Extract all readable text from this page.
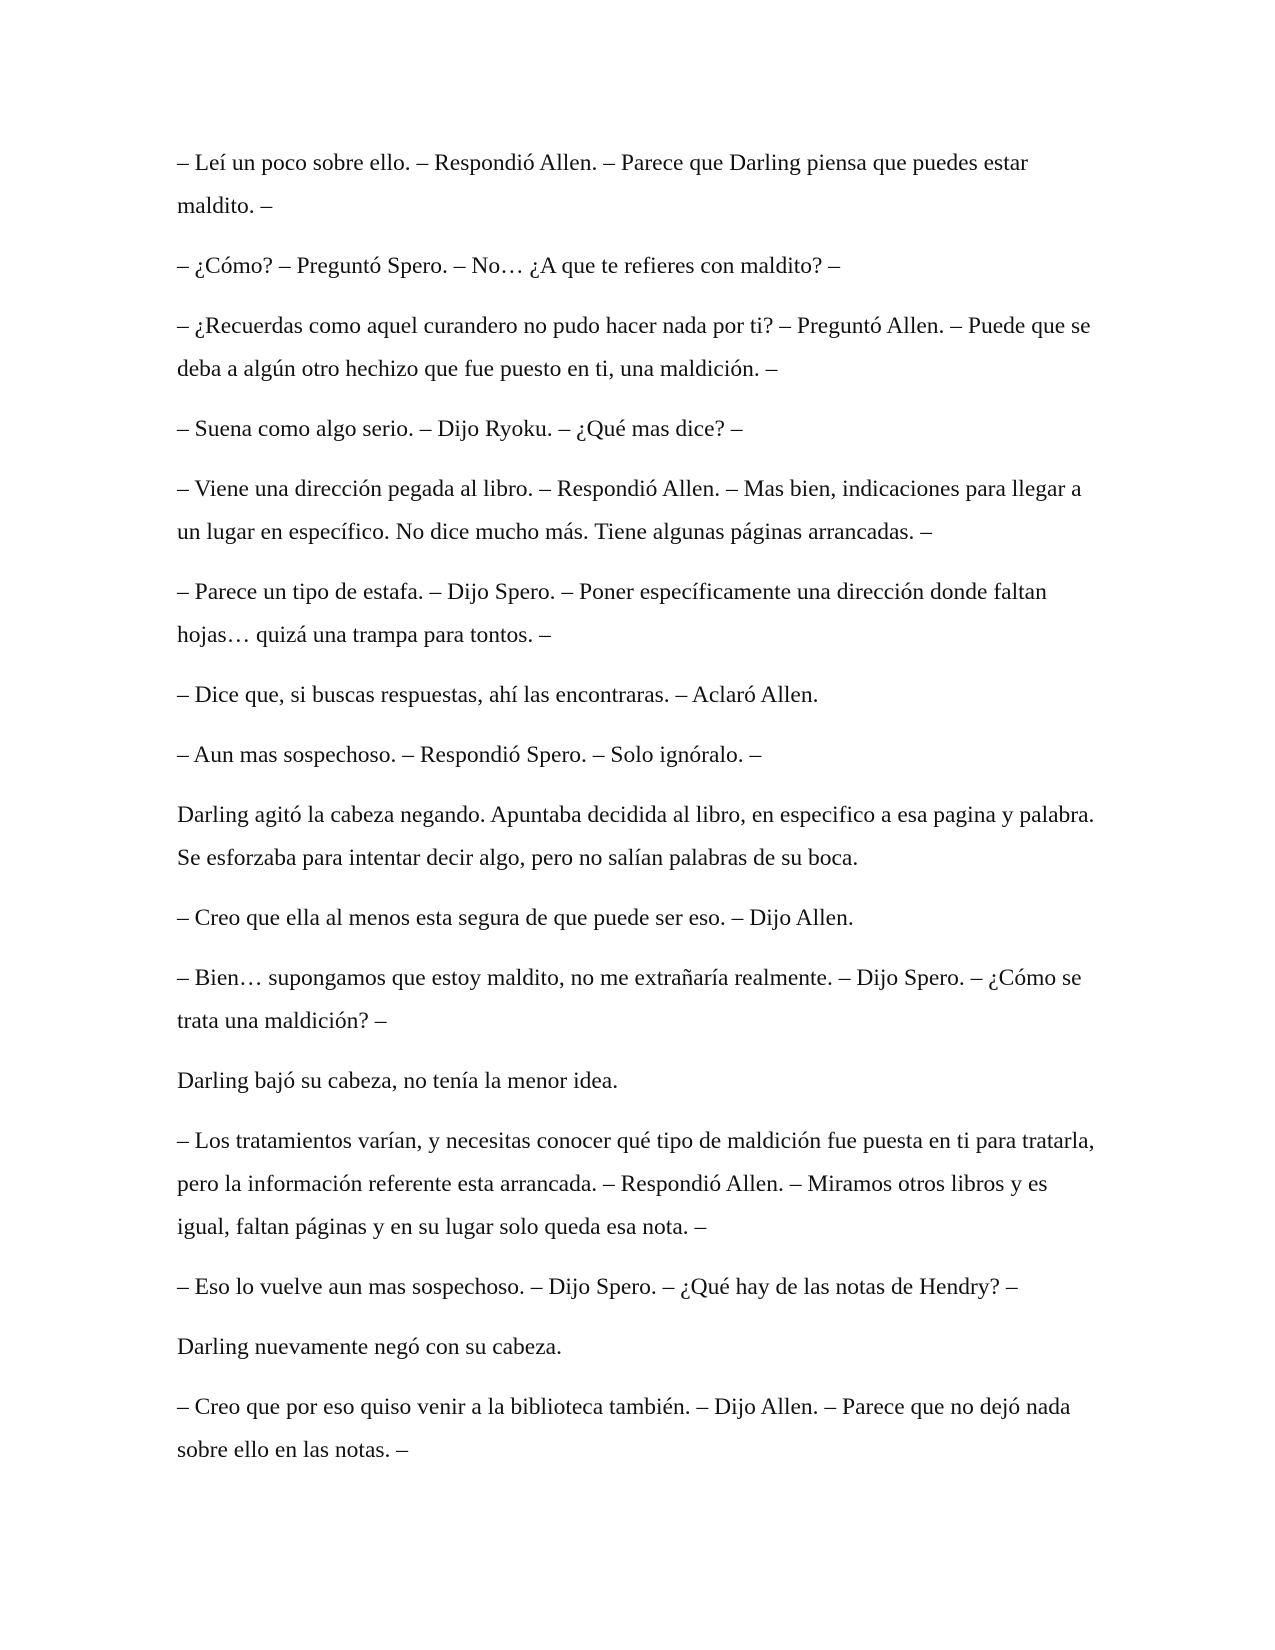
– Leí un poco sobre ello. – Respondió Allen. – Parece que Darling piensa que puedes estar maldito. –

– ¿Cómo? – Preguntó Spero. – No… ¿A que te refieres con maldito? –

– ¿Recuerdas como aquel curandero no pudo hacer nada por ti? – Preguntó Allen. – Puede que se deba a algún otro hechizo que fue puesto en ti, una maldición. –

– Suena como algo serio. – Dijo Ryoku. – ¿Qué mas dice? –

– Viene una dirección pegada al libro. – Respondió Allen. – Mas bien, indicaciones para llegar a un lugar en específico. No dice mucho más. Tiene algunas páginas arrancadas. –

– Parece un tipo de estafa. – Dijo Spero. – Poner específicamente una dirección donde faltan hojas… quizá una trampa para tontos. –

– Dice que, si buscas respuestas, ahí las encontraras. – Aclaró Allen.

– Aun mas sospechoso. – Respondió Spero. – Solo ignóralo. –

Darling agitó la cabeza negando. Apuntaba decidida al libro, en especifico a esa pagina y palabra. Se esforzaba para intentar decir algo, pero no salían palabras de su boca.

– Creo que ella al menos esta segura de que puede ser eso. – Dijo Allen.

– Bien… supongamos que estoy maldito, no me extrañaría realmente. – Dijo Spero. – ¿Cómo se trata una maldición? –

Darling bajó su cabeza, no tenía la menor idea.

– Los tratamientos varían, y necesitas conocer qué tipo de maldición fue puesta en ti para tratarla, pero la información referente esta arrancada. – Respondió Allen. – Miramos otros libros y es igual, faltan páginas y en su lugar solo queda esa nota. –

– Eso lo vuelve aun mas sospechoso. – Dijo Spero. – ¿Qué hay de las notas de Hendry? –

Darling nuevamente negó con su cabeza.

– Creo que por eso quiso venir a la biblioteca también. – Dijo Allen. – Parece que no dejó nada sobre ello en las notas. –
